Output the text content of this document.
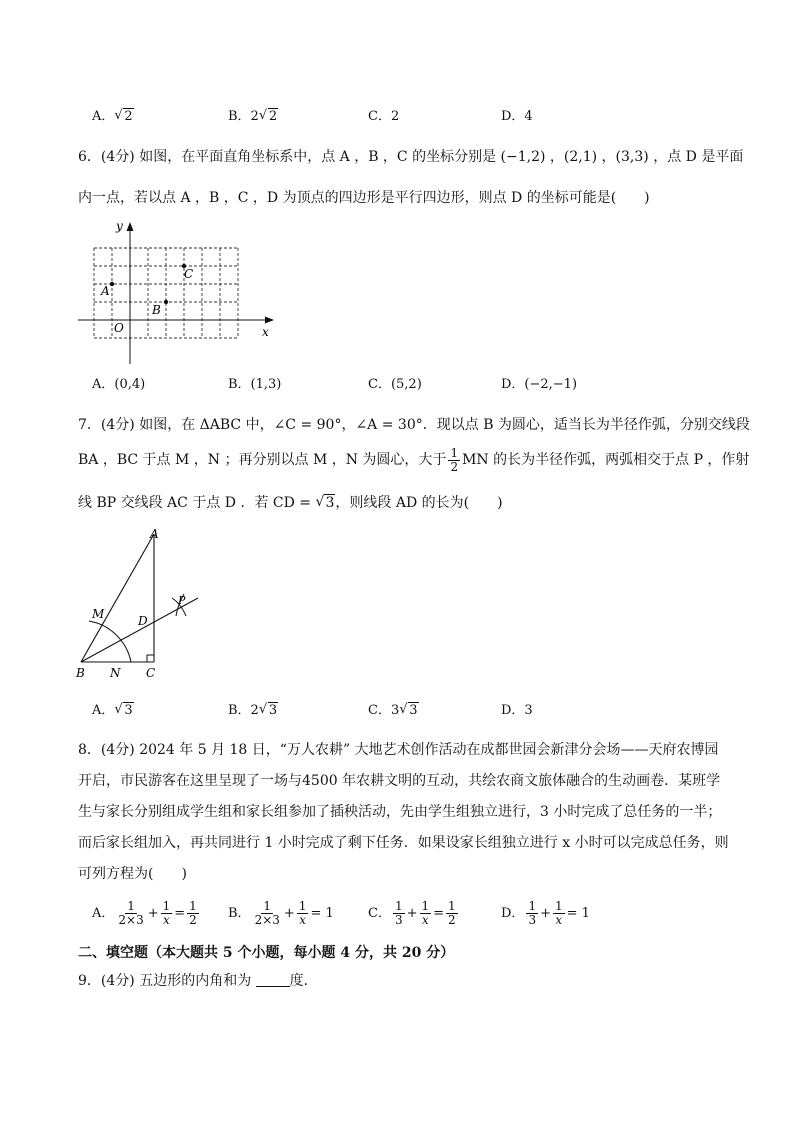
A． √ 2	B．2 √ 2	C．2	D．4
6．(4分) 如图，在平面直角坐标系中，点 A ，B ，C 的坐标分别是 (−1,2) ，(2,1) ，(3,3) ，点 D 是平面
内一点，若以点 A ，B ，C ，D 为顶点的四边形是平行四边形，则点 D 的坐标可能是(　　)
y
x
O
A
B
C
A．(0,4)	B．(1,3)	C．(5,2)	D．(−2,−1)
7．(4分) 如图，在 ΔABC 中，∠C = 90°，∠A = 30°．现以点 B 为圆心，适当长为半径作弧，分别交线段
BA ，BC 于点 M ，N ；再分别以点 M ，N 为圆心，大于 $\frac{1}{2}$ MN 的长为半径作弧，两弧相交于点 P ，作射
线 BP 交线段 AC 于点 D ．若 CD = √ 3，则线段 AD 的长为(　　)
A
B	C
D
M
N
P
A． √ 3	B．2 √ 3	C．3 √ 3	D．3
8．(4分) 2024 年 5 月 18 日，“万人农耕” 大地艺术创作活动在成都世园会新津分会场——天府农博园
开启，市民游客在这里呈现了一场与4500 年农耕文明的互动，共绘农商文旅体融合的生动画卷．某班学
生与家长分别组成学生组和家长组参加了插秧活动，先由学生组独立进行，3 小时完成了总任务的一半；
而后家长组加入，再共同进行 1 小时完成了剩下任务．如果设家长组独立进行 x 小时可以完成总任务，则
可列方程为(　　)
A． $\frac{1}{2\times 3} + \frac{1}{x} = \frac{1}{2}$ B． $\frac{1}{2\times 3} + \frac{1}{x} = 1$	C． $\frac{1}{3} + \frac{1}{x} = \frac{1}{2}$	D． $\frac{1}{3} + \frac{1}{x} = 1$
二、填空题（本大题共 5 个小题，每小题 4 分，共 20 分）
9．(4分) 五边形的内角和为 度．
